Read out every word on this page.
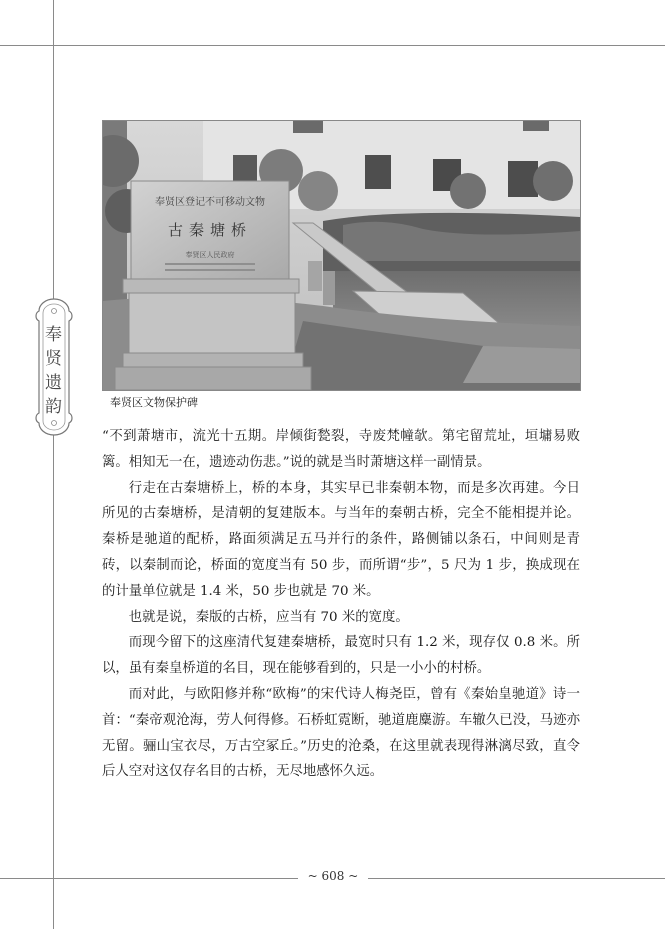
奉
贤
遗
韵
奉贤区登记不可移动文物
古秦塘桥
奉贤区人民政府
奉贤区文物保护碑

“不到萧塘市，流光十五期。岸倾街甃裂，寺废梵幢欹。第宅留荒址，垣墉易败篱。相知无一在，遗迹动伤悲。”说的就是当时萧塘这样一副情景。

行走在古秦塘桥上，桥的本身，其实早已非秦朝本物，而是多次再建。今日所见的古秦塘桥，是清朝的复建版本。与当年的秦朝古桥，完全不能相提并论。秦桥是驰道的配桥，路面须满足五马并行的条件，路侧铺以条石，中间则是青砖，以秦制而论，桥面的宽度当有 50 步，而所谓“步”，5 尺为 1 步，换成现在的计量单位就是 1.4 米，50 步也就是 70 米。

也就是说，秦版的古桥，应当有 70 米的宽度。

而现今留下的这座清代复建秦塘桥，最宽时只有 1.2 米，现存仅 0.8 米。所以，虽有秦皇桥道的名目，现在能够看到的，只是一小小的村桥。

而对此，与欧阳修并称“欧梅”的宋代诗人梅尧臣，曾有《秦始皇驰道》诗一首：“秦帝观沧海，劳人何得修。石桥虹霓断，驰道鹿麋游。车辙久已没，马迹亦无留。骊山宝衣尽，万古空冢丘。”历史的沧桑，在这里就表现得淋漓尽致，直令后人空对这仅存名目的古桥，无尽地感怀久远。

~ 608 ~
